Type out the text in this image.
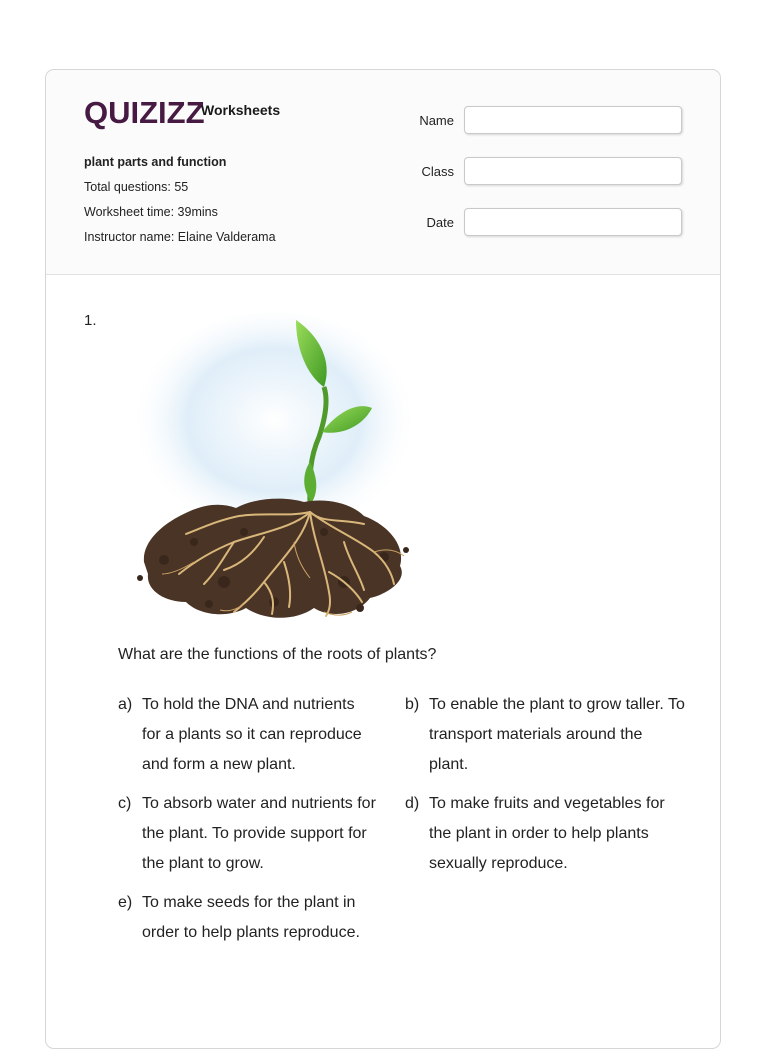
QUIZIZZ
Worksheets
plant parts and function
Total questions: 55
Worksheet time: 39mins
Instructor name: Elaine Valderama
Name
Class
Date
1.
What are the functions of the roots of plants?
a) To hold the DNA and nutrients for a plants so it can reproduce and form a new plant.
b) To enable the plant to grow taller. To transport materials around the plant.
c) To absorb water and nutrients for the plant. To provide support for the plant to grow.
d) To make fruits and vegetables for the plant in order to help plants sexually reproduce.
e) To make seeds for the plant in order to help plants reproduce.
